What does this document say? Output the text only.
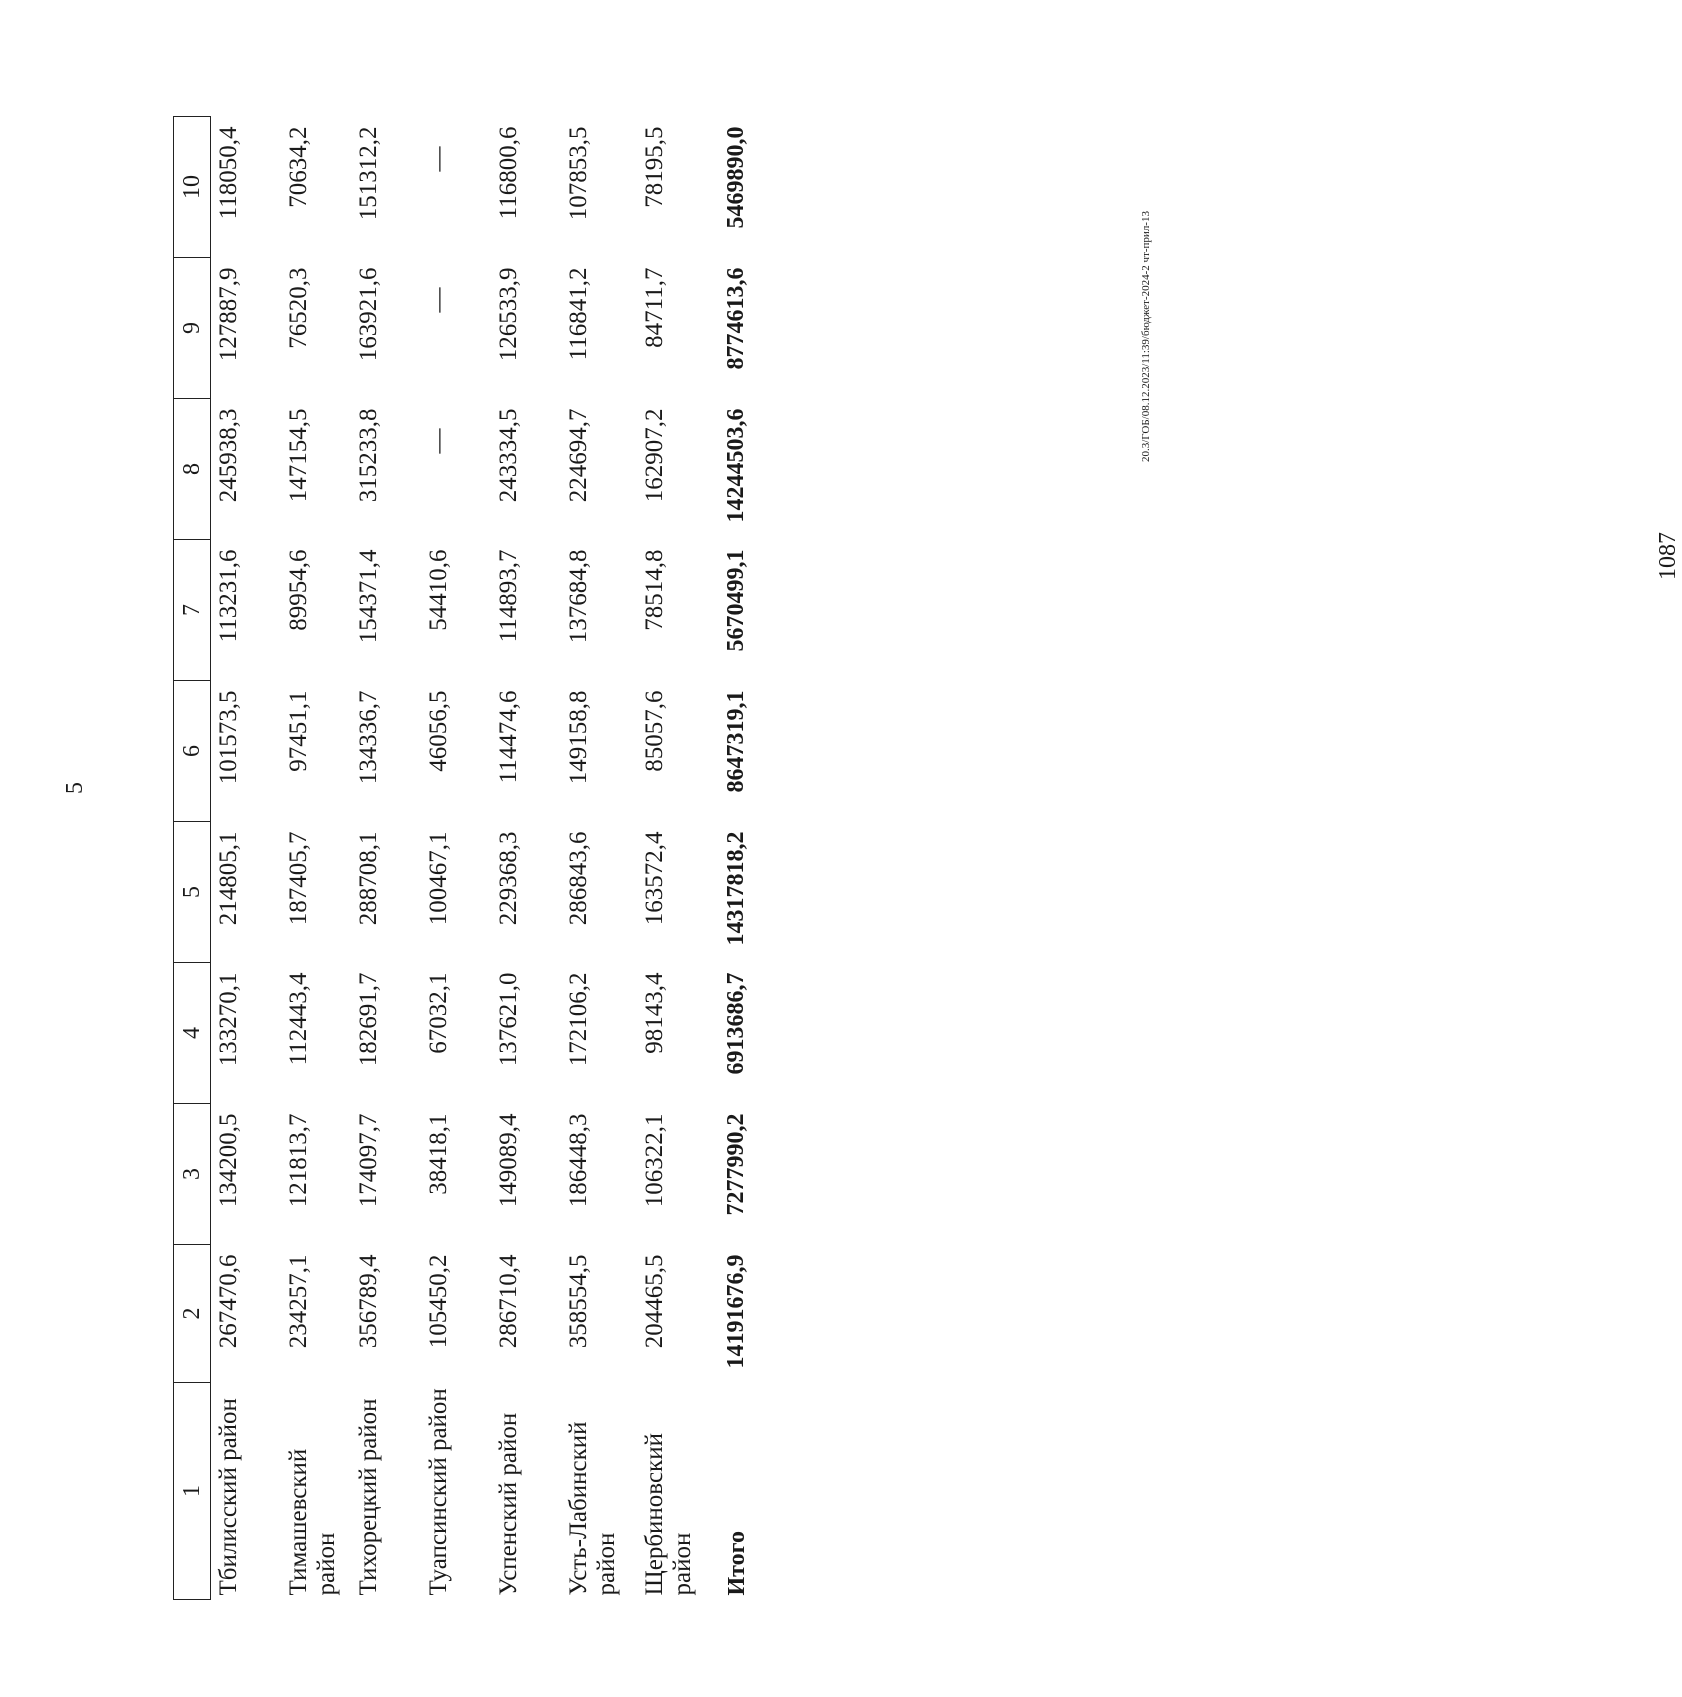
5
1	2	3	4	5	6	7	8	9	10
Тбилисский район	267470,6	134200,5	133270,1	214805,1	101573,5	113231,6	245938,3	127887,9	118050,4
Тимашевский район	234257,1	121813,7	112443,4	187405,7	97451,1	89954,6	147154,5	76520,3	70634,2
Тихорецкий район	356789,4	174097,7	182691,7	288708,1	134336,7	154371,4	315233,8	163921,6	151312,2
Туапсинский район	105450,2	38418,1	67032,1	100467,1	46056,5	54410,6	—	—	—
Успенский район	286710,4	149089,4	137621,0	229368,3	114474,6	114893,7	243334,5	126533,9	116800,6
Усть-Лабинский район	358554,5	186448,3	172106,2	286843,6	149158,8	137684,8	224694,7	116841,2	107853,5
Щербиновский район	204465,5	106322,1	98143,4	163572,4	85057,6	78514,8	162907,2	84711,7	78195,5
Итого	14191676,9	7277990,2	6913686,7	14317818,2	8647319,1	5670499,1	14244503,6	8774613,6	5469890,0
20.3/ГОБ/08.12.2023/11:39/бюджет-2024-2 чт-прил-13
1087
